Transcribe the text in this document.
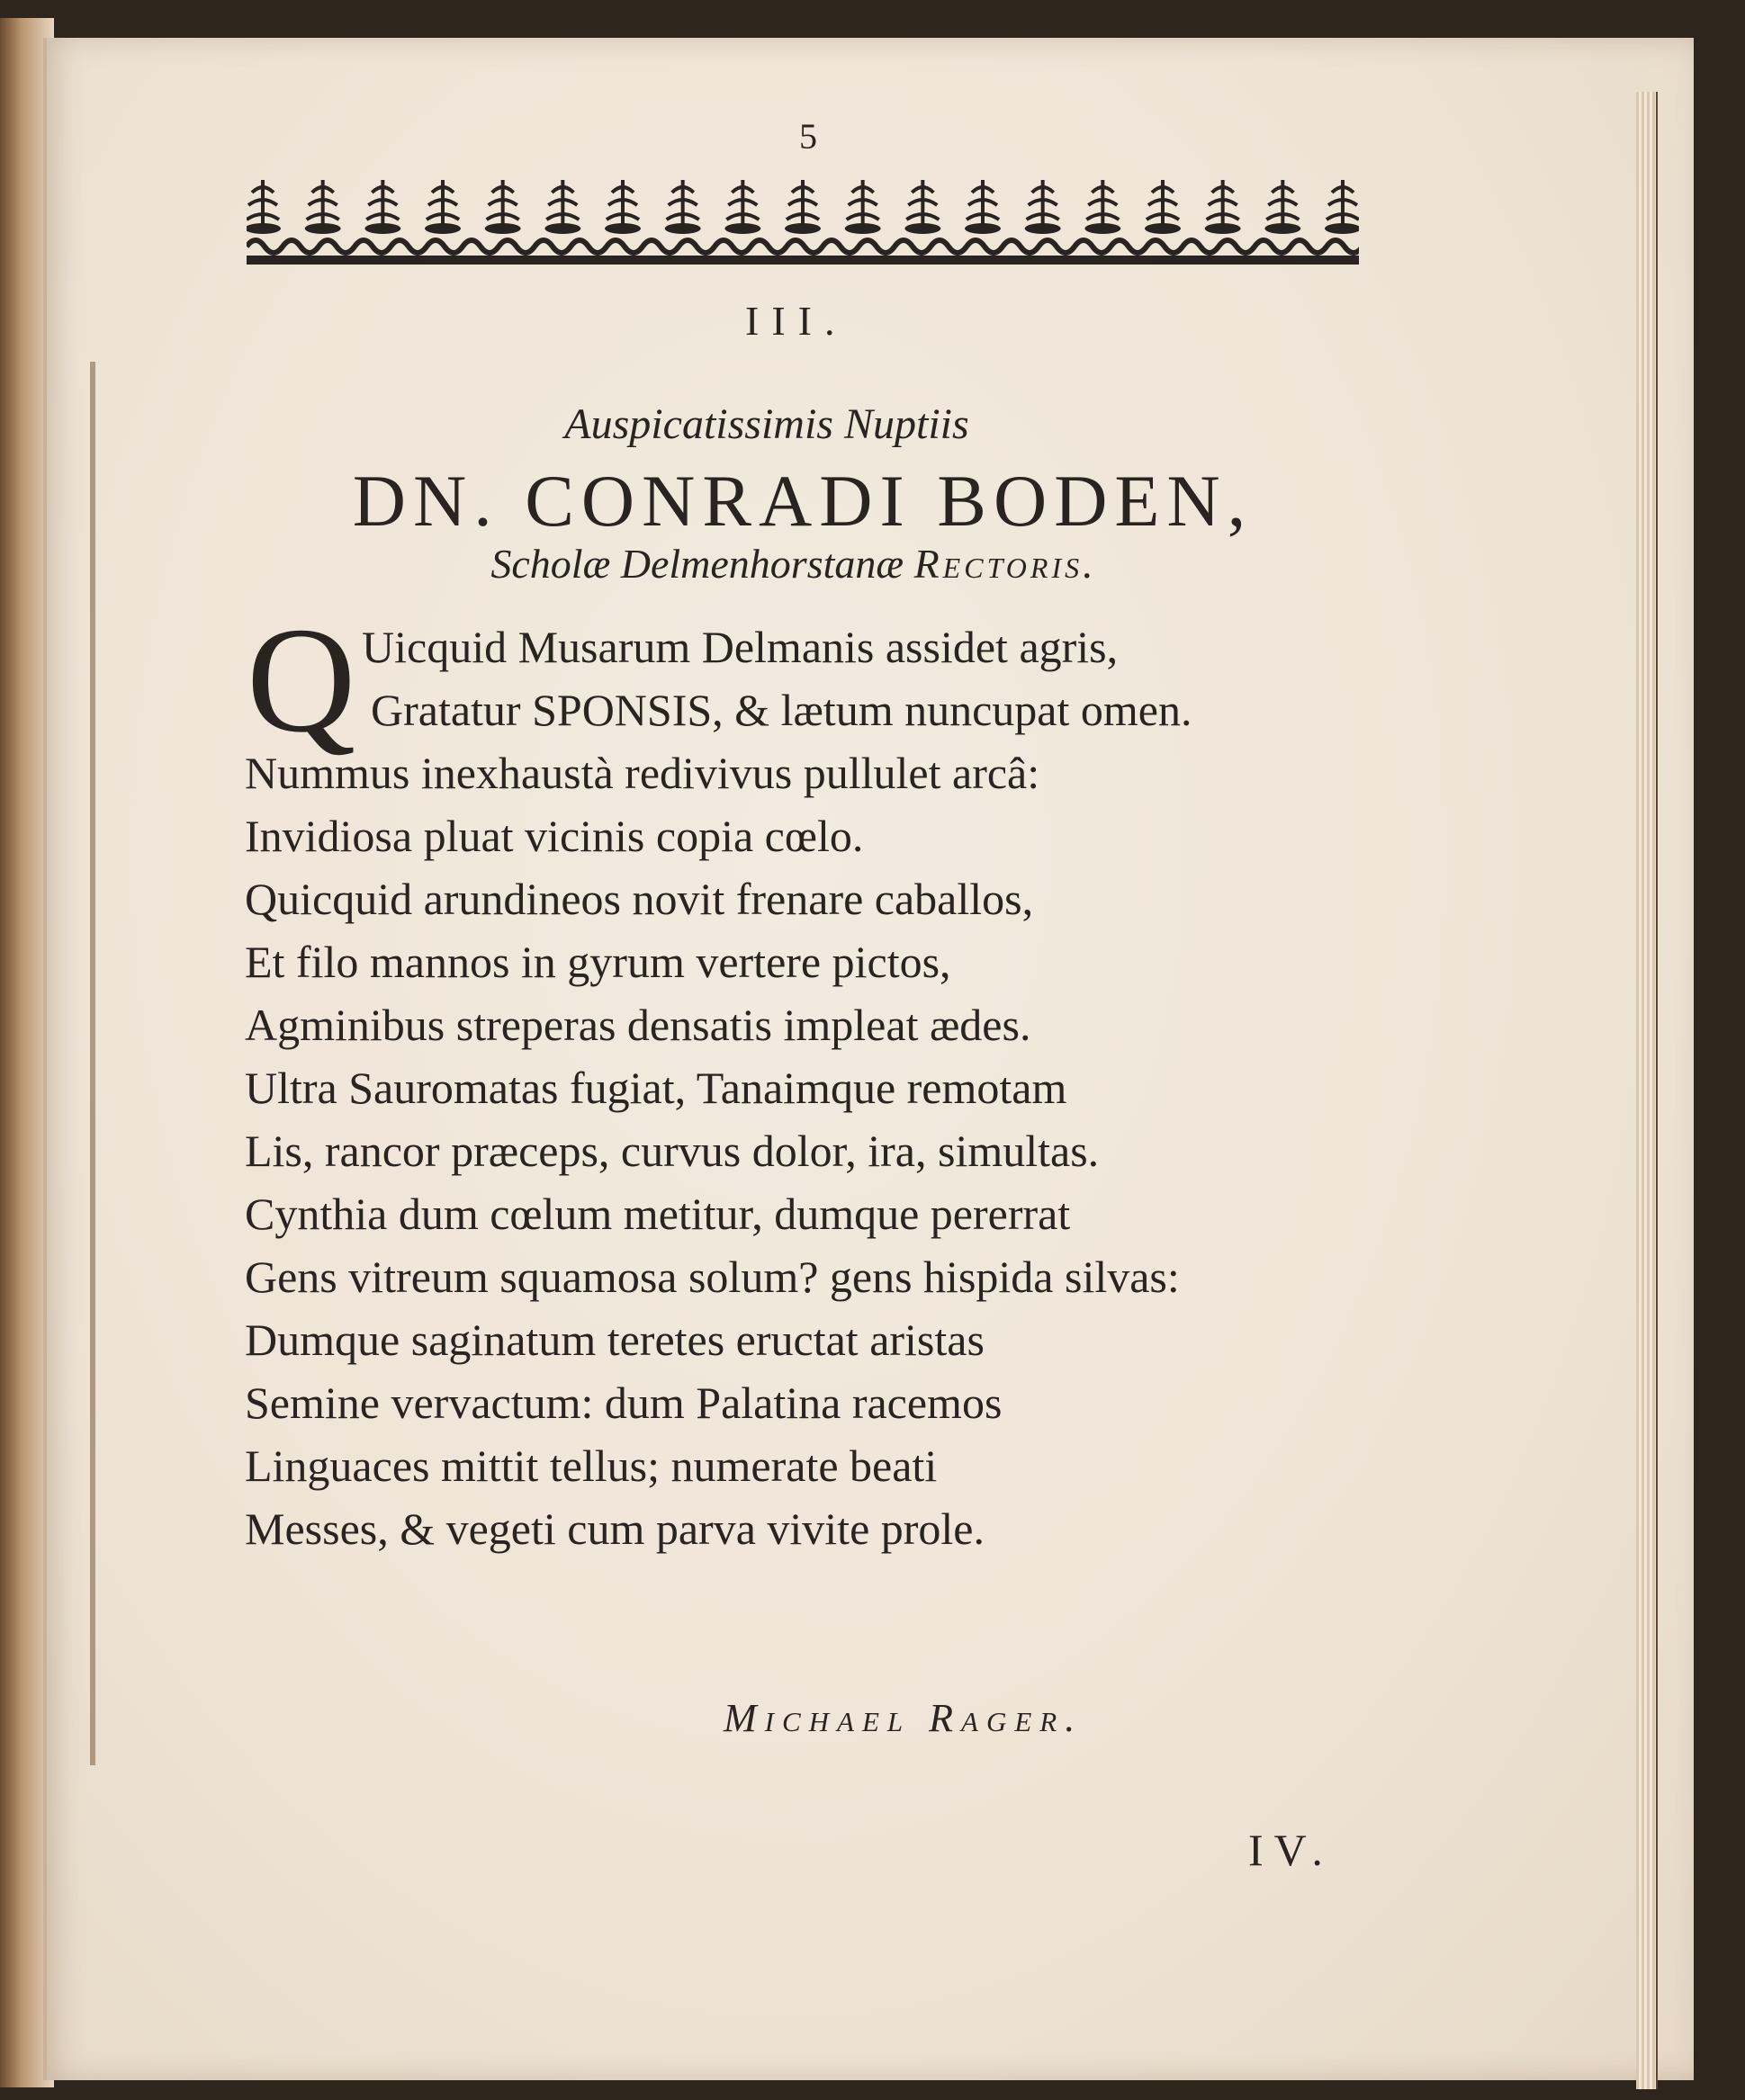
5
III.
Auspicatissimis Nuptiis
DN. CONRADI BODEN,
Scholæ Delmenhorstanæ Rectoris.
Q Uicquid Musarum Delmanis assidet agris,
Gratatur SPONSIS, & lætum nuncupat omen.
Nummus inexhaustà redivivus pullulet arcâ:
Invidiosa pluat vicinis copia cœlo.
Quicquid arundineos novit frenare caballos,
Et filo mannos in gyrum vertere pictos,
Agminibus streperas densatis impleat ædes.
Ultra Sauromatas fugiat, Tanaimque remotam
Lis, rancor præceps, curvus dolor, ira, simultas.
Cynthia dum cœlum metitur, dumque pererrat
Gens vitreum squamosa solum? gens hispida silvas:
Dumque saginatum teretes eructat aristas
Semine vervactum: dum Palatina racemos
Linguaces mittit tellus; numerate beati
Messes, & vegeti cum parva vivite prole.
Michael Rager.
IV.
